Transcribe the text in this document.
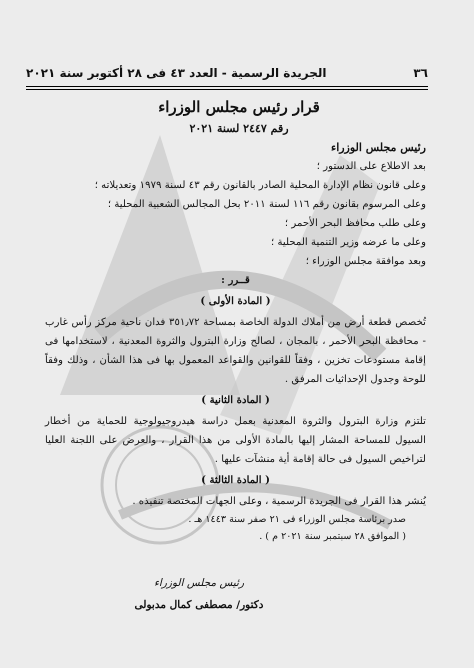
٣٦
الجريدة الرسمية - العدد ٤٣ فى ٢٨ أكتوبر سنة ٢٠٢١
قرار رئيس مجلس الوزراء
رقم ٢٤٤٧ لسنة ٢٠٢١
رئيس مجلس الوزراء

بعد الاطلاع على الدستور ؛

وعلى قانون نظام الإدارة المحلية الصادر بالقانون رقم ٤٣ لسنة ١٩٧٩ وتعديلاته ؛

وعلى المرسوم بقانون رقم ١١٦ لسنة ٢٠١١ بحل المجالس الشعبية المحلية ؛

وعلى طلب محافظ البحر الأحمر ؛

وعلى ما عرضه وزير التنمية المحلية ؛

وبعد موافقة مجلس الوزراء ؛

قــرر :
( المادة الأولى )

تُخصص قطعة أرض من أملاك الدولة الخاصة بمساحة ٣٥١٫٧٢ فدان ناحية مركز رأس غارب - محافظة البحر الأحمر ، بالمجان ، لصالح وزارة البترول والثروة المعدنية ، لاستخدامها فى إقامة مستودعات تخزين ، وفقاً للقوانين والقواعد المعمول بها فى هذا الشأن ، وذلك وفقاً للوحة وجدول الإحداثيات المرفق .

( المادة الثانية )

تلتزم وزارة البترول والثروة المعدنية بعمل دراسة هيدروجيولوجية للحماية من أخطار السيول للمساحة المشار إليها بالمادة الأولى من هذا القرار ، والعرض على اللجنة العليا لتراخيص السيول فى حالة إقامة أية منشآت عليها .

( المادة الثالثة )

يُنشر هذا القرار فى الجريدة الرسمية ، وعلى الجهات المختصة تنفيذه .

صدر برئاسة مجلس الوزراء فى ٢١ صفر سنة ١٤٤٣ هـ .
( الموافق ٢٨ سبتمبر سنة ٢٠٢١ م ) .
رئيس مجلس الوزراء
دكتور/ مصطفى كمال مدبولى
